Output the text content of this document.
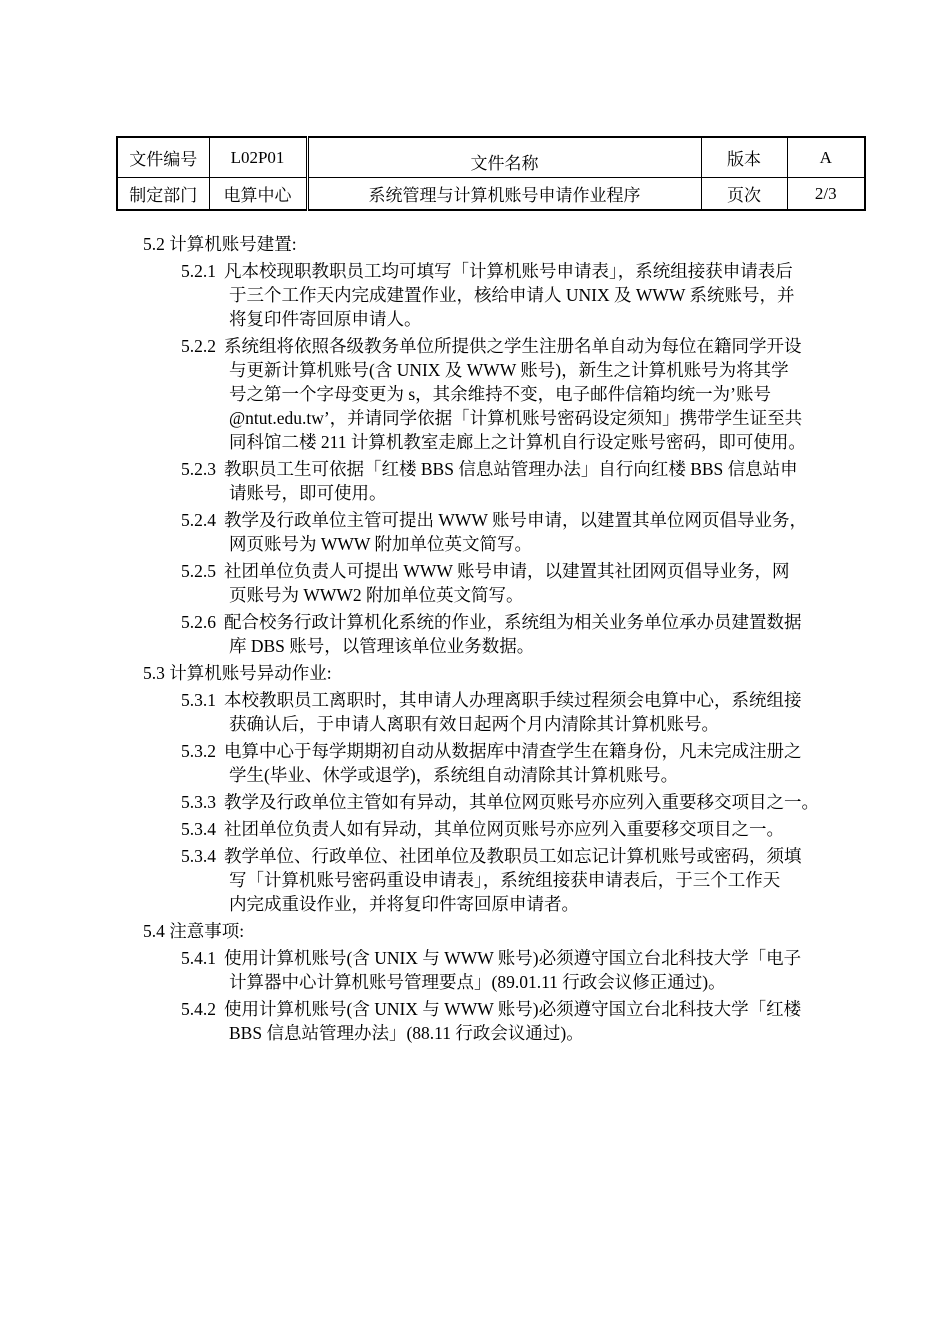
文件编号	L02P01	文件名称	版本	A
制定部门	电算中心	系统管理与计算机账号申请作业程序	页次	2/3
5.2 计算机账号建置:
5.2.1 凡本校现职教职员工均可填写「计算机账号申请表」，系统组接获申请表后
于三个工作天内完成建置作业，核给申请人 UNIX 及 WWW 系统账号，并
将复印件寄回原申请人。
5.2.2 系统组将依照各级教务单位所提供之学生注册名单自动为每位在籍同学开设
与更新计算机账号(含 UNIX 及 WWW 账号)，新生之计算机账号为将其学
号之第一个字母变更为 s，其余维持不变，电子邮件信箱均统一为’账号
@ntut.edu.tw’，并请同学依据「计算机账号密码设定须知」携带学生证至共
同科馆二楼 211 计算机教室走廊上之计算机自行设定账号密码，即可使用。
5.2.3 教职员工生可依据「红楼 BBS 信息站管理办法」自行向红楼 BBS 信息站申
请账号，即可使用。
5.2.4 教学及行政单位主管可提出 WWW 账号申请，以建置其单位网页倡导业务，
网页账号为 WWW 附加单位英文简写。
5.2.5 社团单位负责人可提出 WWW 账号申请，以建置其社团网页倡导业务，网
页账号为 WWW2 附加单位英文简写。
5.2.6 配合校务行政计算机化系统的作业，系统组为相关业务单位承办员建置数据
库 DBS 账号，以管理该单位业务数据。
5.3 计算机账号异动作业:
5.3.1 本校教职员工离职时，其申请人办理离职手续过程须会电算中心，系统组接
获确认后，于申请人离职有效日起两个月内清除其计算机账号。
5.3.2 电算中心于每学期期初自动从数据库中清查学生在籍身份，凡未完成注册之
学生(毕业、休学或退学)，系统组自动清除其计算机账号。
5.3.3 教学及行政单位主管如有异动，其单位网页账号亦应列入重要移交项目之一。
5.3.4 社团单位负责人如有异动，其单位网页账号亦应列入重要移交项目之一。
5.3.4 教学单位、行政单位、社团单位及教职员工如忘记计算机账号或密码，须填
写「计算机账号密码重设申请表」，系统组接获申请表后，于三个工作天
内完成重设作业，并将复印件寄回原申请者。
5.4 注意事项:
5.4.1 使用计算机账号(含 UNIX 与 WWW 账号)必须遵守国立台北科技大学「电子
计算器中心计算机账号管理要点」(89.01.11 行政会议修正通过)。
5.4.2 使用计算机账号(含 UNIX 与 WWW 账号)必须遵守国立台北科技大学「红楼
BBS 信息站管理办法」(88.11 行政会议通过)。
